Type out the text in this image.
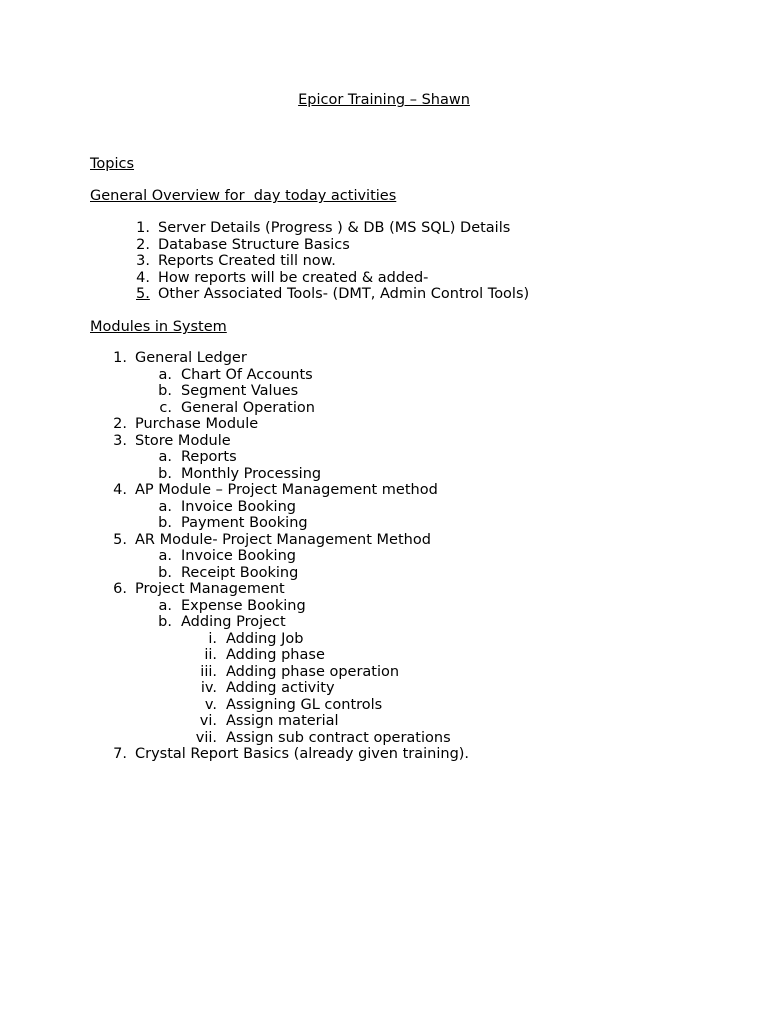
Epicor Training – Shawn
Topics
General Overview for  day today activities
1. Server Details (Progress ) & DB (MS SQL) Details
2. Database Structure Basics
3. Reports Created till now.
4. How reports will be created & added-
5. Other Associated Tools- (DMT, Admin Control Tools)
Modules in System
1. General Ledger
a. Chart Of Accounts
b. Segment Values
c. General Operation
2. Purchase Module
3. Store Module
a. Reports
b. Monthly Processing
4. AP Module – Project Management method
a. Invoice Booking
b. Payment Booking
5. AR Module- Project Management Method
a. Invoice Booking
b. Receipt Booking
6. Project Management
a. Expense Booking
b. Adding Project
i. Adding Job
ii. Adding phase
iii. Adding phase operation
iv. Adding activity
v. Assigning GL controls
vi. Assign material
vii. Assign sub contract operations
7. Crystal Report Basics (already given training).
